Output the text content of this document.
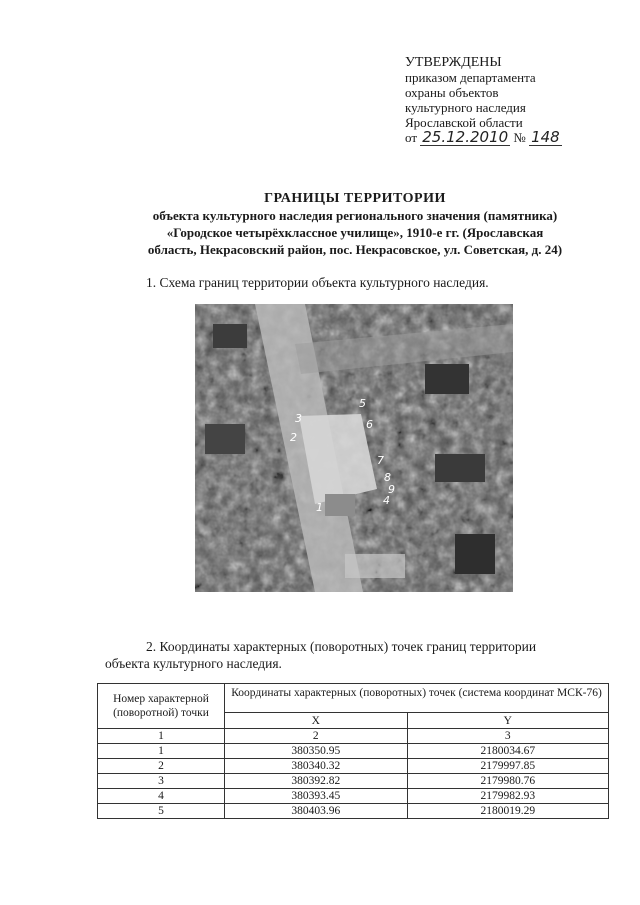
УТВЕРЖДЕНЫ
приказом департамента
охраны объектов
культурного наследия
Ярославской области
от 25.12.2010 № 148
ГРАНИЦЫ ТЕРРИТОРИИ
объекта культурного наследия регионального значения (памятника)
«Городское четырёхклассное училище», 1910-е гг. (Ярославская
область, Некрасовский район, пос. Некрасовское, ул. Советская, д. 24)
1. Схема границ территории объекта культурного наследия.
1
2
3
4
5
6
7
8
9
2. Координаты характерных (поворотных) точек границ территории
объекта культурного наследия.
Номер характерной (поворотной) точки	Координаты характерных (поворотных) точек (система координат МСК-76)	
	X	Y
1	2	3
1	380350.95	2180034.67
2	380340.32	2179997.85
3	380392.82	2179980.76
4	380393.45	2179982.93
5	380403.96	2180019.29
